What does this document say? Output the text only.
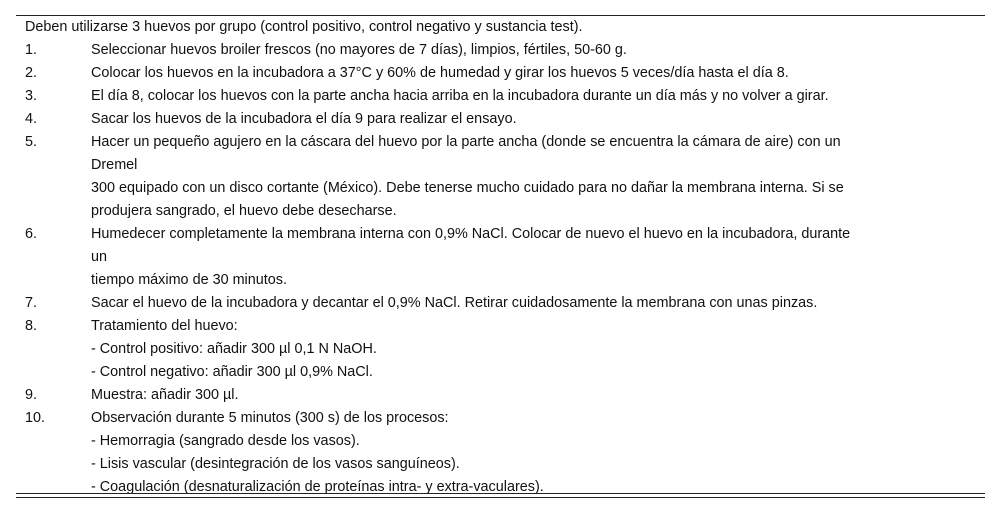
Deben utilizarse 3 huevos por grupo (control positivo, control negativo y sustancia test).
1.	Seleccionar huevos broiler frescos (no mayores de 7 días), limpios, fértiles, 50-60 g.
2.	Colocar los huevos en la incubadora a 37°C y 60% de humedad y girar los huevos 5 veces/día hasta el día 8.
3.	El día 8, colocar los huevos con la parte ancha hacia arriba en la incubadora durante un día más y no volver a girar.
4.	Sacar los huevos de la incubadora el día 9 para realizar el ensayo.
5.	Hacer un pequeño agujero en la cáscara del huevo por la parte ancha (donde se encuentra la cámara de aire) con un
Dremel
300 equipado con un disco cortante (México). Debe tenerse mucho cuidado para no dañar la membrana interna. Si se
produjera sangrado, el huevo debe desecharse.
6.	Humedecer completamente la membrana interna con 0,9% NaCl. Colocar de nuevo el huevo en la incubadora, durante
un
tiempo máximo de 30 minutos.
7.	Sacar el huevo de la incubadora y decantar el 0,9% NaCl. Retirar cuidadosamente la membrana con unas pinzas.
8.	Tratamiento del huevo:
- Control positivo: añadir 300 µl 0,1 N NaOH.
- Control negativo: añadir 300 µl 0,9% NaCl.
9.	Muestra: añadir 300 µl.
10.	Observación durante 5 minutos (300 s) de los procesos:
- Hemorragia (sangrado desde los vasos).
- Lisis vascular (desintegración de los vasos sanguíneos).
- Coagulación (desnaturalización de proteínas intra- y extra-vaculares).
